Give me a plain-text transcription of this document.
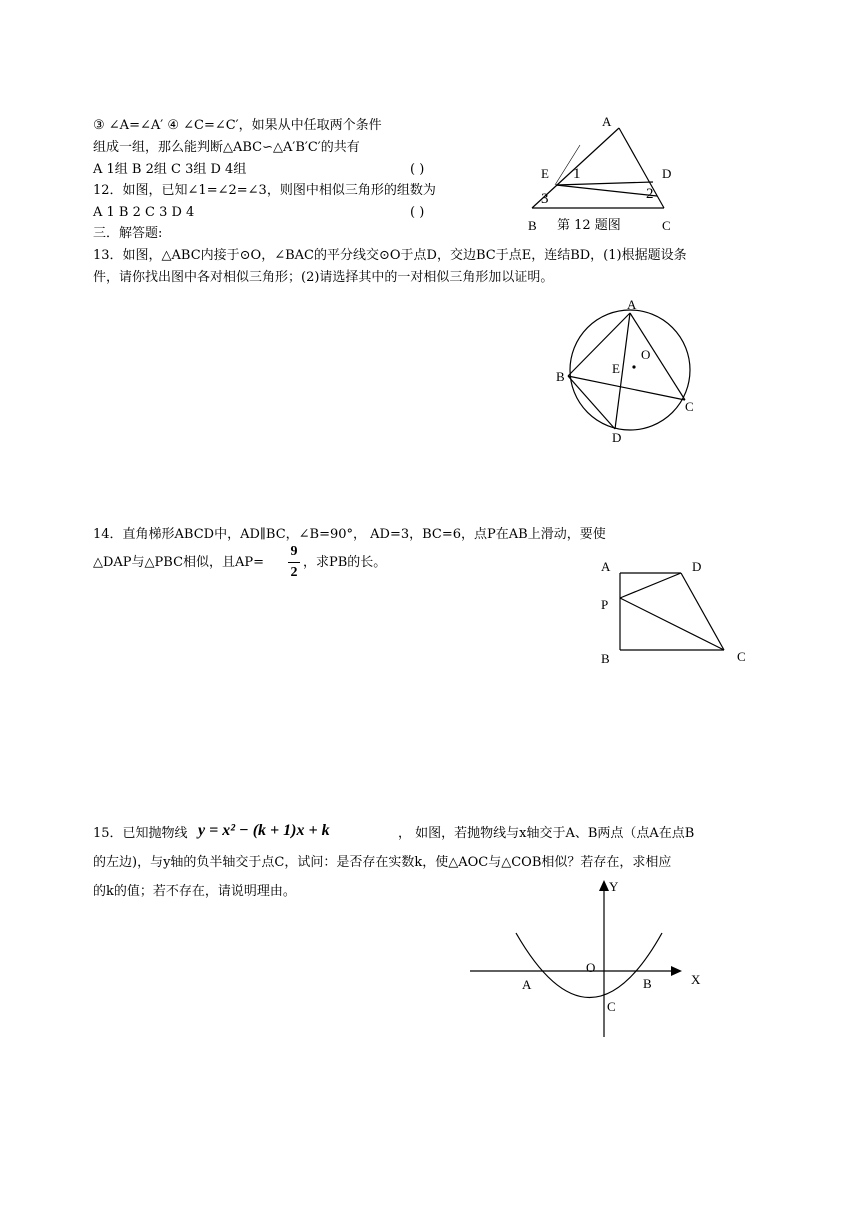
③ ∠A=∠A′ ④ ∠C=∠C′，如果从中任取两个条件
组成一组，那么能判断△ABC∽△A′B′C′的共有
A 1组 B 2组 C 3组 D 4组	( )
12．如图，已知∠1=∠2=∠3，则图中相似三角形的组数为
A 1 B 2 C 3 D 4	( )
三．解答题:
13．如图，△ABC内接于⊙O，∠BAC的平分线交⊙O于点D，交边BC于点E，连结BD，(1)根据题设条
件，请你找出图中各对相似三角形；(2)请选择其中的一对相似三角形加以证明。
14．直角梯形ABCD中，AD∥BC，∠B=90°， AD=3，BC=6，点P在AB上滑动，要使
△DAP与△PBC相似，且AP=
9
2
，求PB的长。
15．已知抛物线 y = x² − (k + 1)x + k	， 如图，若抛物线与x轴交于A、B两点（点A在点B
的左边)，与y轴的负半轴交于点C，试问：是否存在实数k，使△AOC与△COB相似？若存在，求相应
的k的值；若不存在，请说明理由。
A
E	D
1
2
3
B 第 12 题图	C
A
O
E
B
C
D
A	D
P
B	C
Y
O
X
A	B
C
